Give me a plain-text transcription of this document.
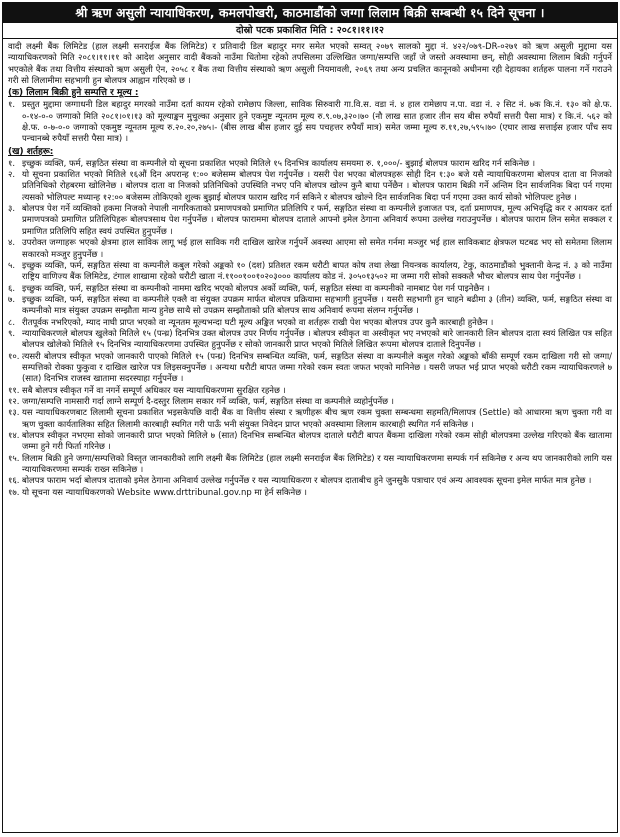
श्री ऋण असुली न्यायाधिकरण, कमलपोखरी, काठमाडौंको जग्गा लिलाम बिक्री सम्बन्धी १५ दिने सूचना ।
दोस्रो पटक प्रकाशित मिति : २०८१।११।१२

वादी लक्ष्मी बैंक लिमिटेड (हाल लक्ष्मी सनराईज बैंक लिमिटेड) र प्रतिवादी डिल बहादुर मगर समेत भएको सम्वत् २०७९ सालको मुद्दा नं. ४२२/०७९-DR-०२७१ को ऋण असुली मुद्दामा यस न्यायाधिकरणको मिति २०८१।११।११ को आदेश अनुसार वादी बैंकको नाउँमा धितोमा रहेको तपसिलमा उल्लिखित जग्गा/सम्पत्ति जहाँ जे जस्तो अवस्थामा छन्, सोही अवस्थामा लिलाम बिक्री गर्नुपर्ने भएकोले बैंक तथा वित्तीय संस्थाको ऋण असुली ऐन, २०५८ र बैंक तथा वित्तीय संस्थाको ऋण असुली नियमावली, २०६९ तथा अन्य प्रचलित कानूनको अधीनमा रही देहायका शर्तहरू पालना गर्ने गराउने गरी सो लिलामीमा सहभागी हुन बोलपत्र आह्वान गरिएको छ ।

(क) लिलाम बिक्री हुने सम्पत्ति र मूल्य :
१. प्रस्तुत मुद्दामा जग्गाधनी डिल बहादुर मगरको नाउँमा दर्ता कायम रहेको रामेछाप जिल्ला, साविक सिरुवारी गा.वि.स. वडा नं. ४ हाल रामेछाप न.पा. वडा नं. २ सिट नं. ७क कि.नं. १३० को क्षे.फ. ०-१४-०-० जग्गाको मिति २०८१।०१।१३ को मूल्याङ्कन मुचुल्का अनुसार हुने एकमुष्ट न्यूनतम मूल्य रु.९.०७,३२०।७० (नौ लाख सात हजार तीन सय बीस रुपैयाँ सत्तरी पैसा मात्र) र कि.नं. ५६२ को क्षे.फ. ०-७-०-० जग्गाको एकमुष्ट न्यूनतम मूल्य रु.२०.२०,२७५।- (बीस लाख बीस हजार दुई सय पचहत्तर रुपैयाँ मात्र) समेत जम्मा मूल्य रु.११,२७,५९५।७० (एघार लाख सत्ताईस हजार पाँच सय पन्चानब्बे रुपैयाँ सत्तरी पैसा मात्र) ।
(ख) शर्तहरू:
१. इच्छुक व्यक्ति, फर्म, सङ्गठित संस्था वा कम्पनीले यो सूचना प्रकाशित भएको मितिले १५ दिनभित्र कार्यालय समयमा रु. १,०००/- बुझाई बोलपत्र फाराम खरिद गर्न सकिनेछ ।
२. यो सूचना प्रकाशित भएको मितिले १६औं दिन अपरान्ह १:०० बजेसम्म बोलपत्र पेश गर्नुपर्नेछ । यसरी पेश भएका बोलपत्रहरू सोही दिन १:३० बजे यसै न्यायाधिकरणमा बोलपत्र दाता वा निजको प्रतिनिधिको रोहबरमा खोलिनेछ । बोलपत्र दाता वा निजको प्रतिनिधिको उपस्थिति नभए पनि बोलपत्र खोल्न कुनै बाधा पर्नेछैन । बोलपत्र फाराम बिक्री गर्ने अन्तिम दिन सार्वजनिक बिदा पर्न गएमा त्यसको भोलिपल्ट मध्यान्ह १२:०० बजेसम्म तोकिएको शुल्क बुझाई बोलपत्र फाराम खरिद गर्न सकिने र बोलपत्र खोल्ने दिन सार्वजनिक बिदा पर्न गएमा उक्त कार्य सोको भोलिपल्ट हुनेछ ।
३. बोलपत्र पेश गर्ने व्यक्तिको हकमा निजको नेपाली नागरिकताको प्रमाणपत्रको प्रमाणित प्रतिलिपि र फर्म, सङ्गठित संस्था वा कम्पनीले इजाजत पत्र, दर्ता प्रमाणपत्र, मूल्य अभिवृद्धि कर र आयकर दर्ता प्रमाणपत्रको प्रमाणित प्रतिलिपिहरू बोलपत्रसाथ पेश गर्नुपर्नेछ । बोलपत्र फाराममा बोलपत्र दाताले आफ्नो इमेल ठेगाना अनिवार्य रूपमा उल्लेख गराउनुपर्नेछ । बोलपत्र फाराम लिन समेत सक्कल र प्रमाणित प्रतिलिपि सहित स्वयं उपस्थित हुनुपर्नेछ ।
४. उपरोक्त जग्गाहरू भएको क्षेत्रमा हाल साविक लागू भई हाल साविक गरी दाखिल खारेज गर्नुपर्ने अवस्था आएमा सो समेत गर्नमा मञ्जुर भई हाल साविकबाट क्षेत्रफल घटबढ भए सो समेतमा लिलाम सकारको मञ्जुर हुनुपर्नेछ ।
५. इच्छुक व्यक्ति, फर्म, सङ्गठित संस्था वा कम्पनीले कबुल गरेको अङ्कको १० (दश) प्रतिशत रकम धरौटी बापत कोष तथा लेखा नियन्त्रक कार्यालय, टेकु, काठमाडौंको भुक्तानी केन्द्र नं. ३ को नाउँमा राष्ट्रिय वाणिज्य बैंक लिमिटेड, टंगाल शाखामा रहेको धरौटी खाता नं.११००१००१०२०३००० कार्यालय कोड नं. ३०५०१३५०२ मा जम्मा गरी सोको सक्कलै भौचर बोलपत्र साथ पेश गर्नुपर्नेछ ।
६. इच्छुक व्यक्ति, फर्म, सङ्गठित संस्था वा कम्पनीको नाममा खरिद भएको बोलपत्र अर्को व्यक्ति, फर्म, सङ्गठित संस्था वा कम्पनीको नामबाट पेश गर्न पाइनेछैन ।
७. इच्छुक व्यक्ति, फर्म, सङ्गठित संस्था वा कम्पनीले एक्लै वा संयुक्त उपक्रम मार्फत बोलपत्र प्रक्रियामा सहभागी हुनुपर्नेछ । यसरी सहभागी हुन चाहने बढीमा ३ (तीन) व्यक्ति, फर्म, सङ्गठित संस्था वा कम्पनीको मात्र संयुक्त उपक्रम सम्झौता मान्य हुनेछ साथै सो उपक्रम सम्झौताको प्रति बोलपत्र साथ अनिवार्य रूपमा संलग्न गर्नुपर्नेछ ।
८. रीतपूर्वक नभरिएको, म्याद नाघी प्राप्त भएको वा न्यूनतम मूल्यभन्दा घटी मूल्य अङ्कित भएको वा शर्तहरू राखी पेश भएका बोलपत्र उपर कुनै कारबाही हुनेछैन ।
९. न्यायाधिकरणले बोलपत्र खुलेको मितिले १५ (पन्ध्र) दिनभित्र उक्त बोलपत्र उपर निर्णय गर्नुपर्नेछ । बोलपत्र स्वीकृत वा अस्वीकृत भए नभएको बारे जानकारी लिन बोलपत्र दाता स्वयं लिखित पत्र सहित बोलपत्र खोलेको मितिले १५ दिनभित्र न्यायाधिकरणमा उपस्थित हुनुपर्नेछ र सोको जानकारी प्राप्त भएको मितिले लिखित रूपमा बोलपत्र दाताले दिनुपर्नेछ ।
१०. त्यसरी बोलपत्र स्वीकृत भएको जानकारी पाएको मितिले १५ (पन्ध्र) दिनभित्र सम्बन्धित व्यक्ति, फर्म, सङ्गठित संस्था वा कम्पनीले कबुल गरेको अङ्कको बाँकी सम्पूर्ण रकम दाखिला गरी सो जग्गा/सम्पत्तिको रोक्का फुकुवा र दाखिल खारेज पत्र लिइसक्नुपर्नेछ । अन्यथा धरौटी बापत जम्मा गरेको रकम स्वतः जफत भएको मानिनेछ । यसरी जफत भई प्राप्त भएको धरौटी रकम न्यायाधिकरणले ७ (सात) दिनभित्र राजस्व खातामा सदरस्याहा गर्नुपर्नेछ ।
११. सबै बोलपत्र स्वीकृत गर्ने वा नगर्ने सम्पूर्ण अधिकार यस न्यायाधिकरणमा सुरक्षित रहनेछ ।
१२. जग्गा/सम्पत्ति नामसारी गर्दा लाग्ने सम्पूर्ण दै-दस्तुर लिलाम सकार गर्ने व्यक्ति, फर्म, सङ्गठित संस्था वा कम्पनीले व्यहोर्नुपर्नेछ ।
१३. यस न्यायाधिकरणबाट लिलामी सूचना प्रकाशित भइसकेपछि वादी बैंक वा वित्तीय संस्था र ऋणीहरू बीच ऋण रकम चुक्ता सम्बन्धमा सहमति/मिलापत्र (Settle) को आधारमा ऋण चुक्ता गरी वा ऋण चुक्ता कार्यतालिका सहित लिलामी कारबाही स्थगित गरी पाऊँ भनी संयुक्त निवेदन प्राप्त भएको अवस्थामा लिलाम कारबाही स्थगित गर्न सकिनेछ ।
१४. बोलपत्र स्वीकृत नभएमा सोको जानकारी प्राप्त भएको मितिले ७ (सात) दिनभित्र सम्बन्धित बोलपत्र दाताले धरौटी बापत बैंकमा दाखिला गरेको रकम सोही बोलपत्रमा उल्लेख गरिएको बैंक खातामा जम्मा हुने गरी फिर्ता गरिनेछ ।
१५. लिलाम बिक्री हुने जग्गा/सम्पत्तिको विस्तृत जानकारीको लागि लक्ष्मी बैंक लिमिटेड (हाल लक्ष्मी सनराईज बैंक लिमिटेड) र यस न्यायाधिकरणमा सम्पर्क गर्न सकिनेछ र अन्य थप जानकारीको लागि यस न्यायाधिकरणमा सम्पर्क राख्न सकिनेछ ।
१६. बोलपत्र फाराम भर्दा बोलपत्र दाताको इमेल ठेगाना अनिवार्य उल्लेख गर्नुपर्नेछ र यस न्यायाधिकरण र बोलपत्र दाताबीच हुने जुनसुकै पत्राचार एवं अन्य आवश्यक सूचना इमेल मार्फत मात्र हुनेछ ।
१७. यो सूचना यस न्यायाधिकरणको Website www.drttribunal.gov.np मा हेर्न सकिनेछ ।
